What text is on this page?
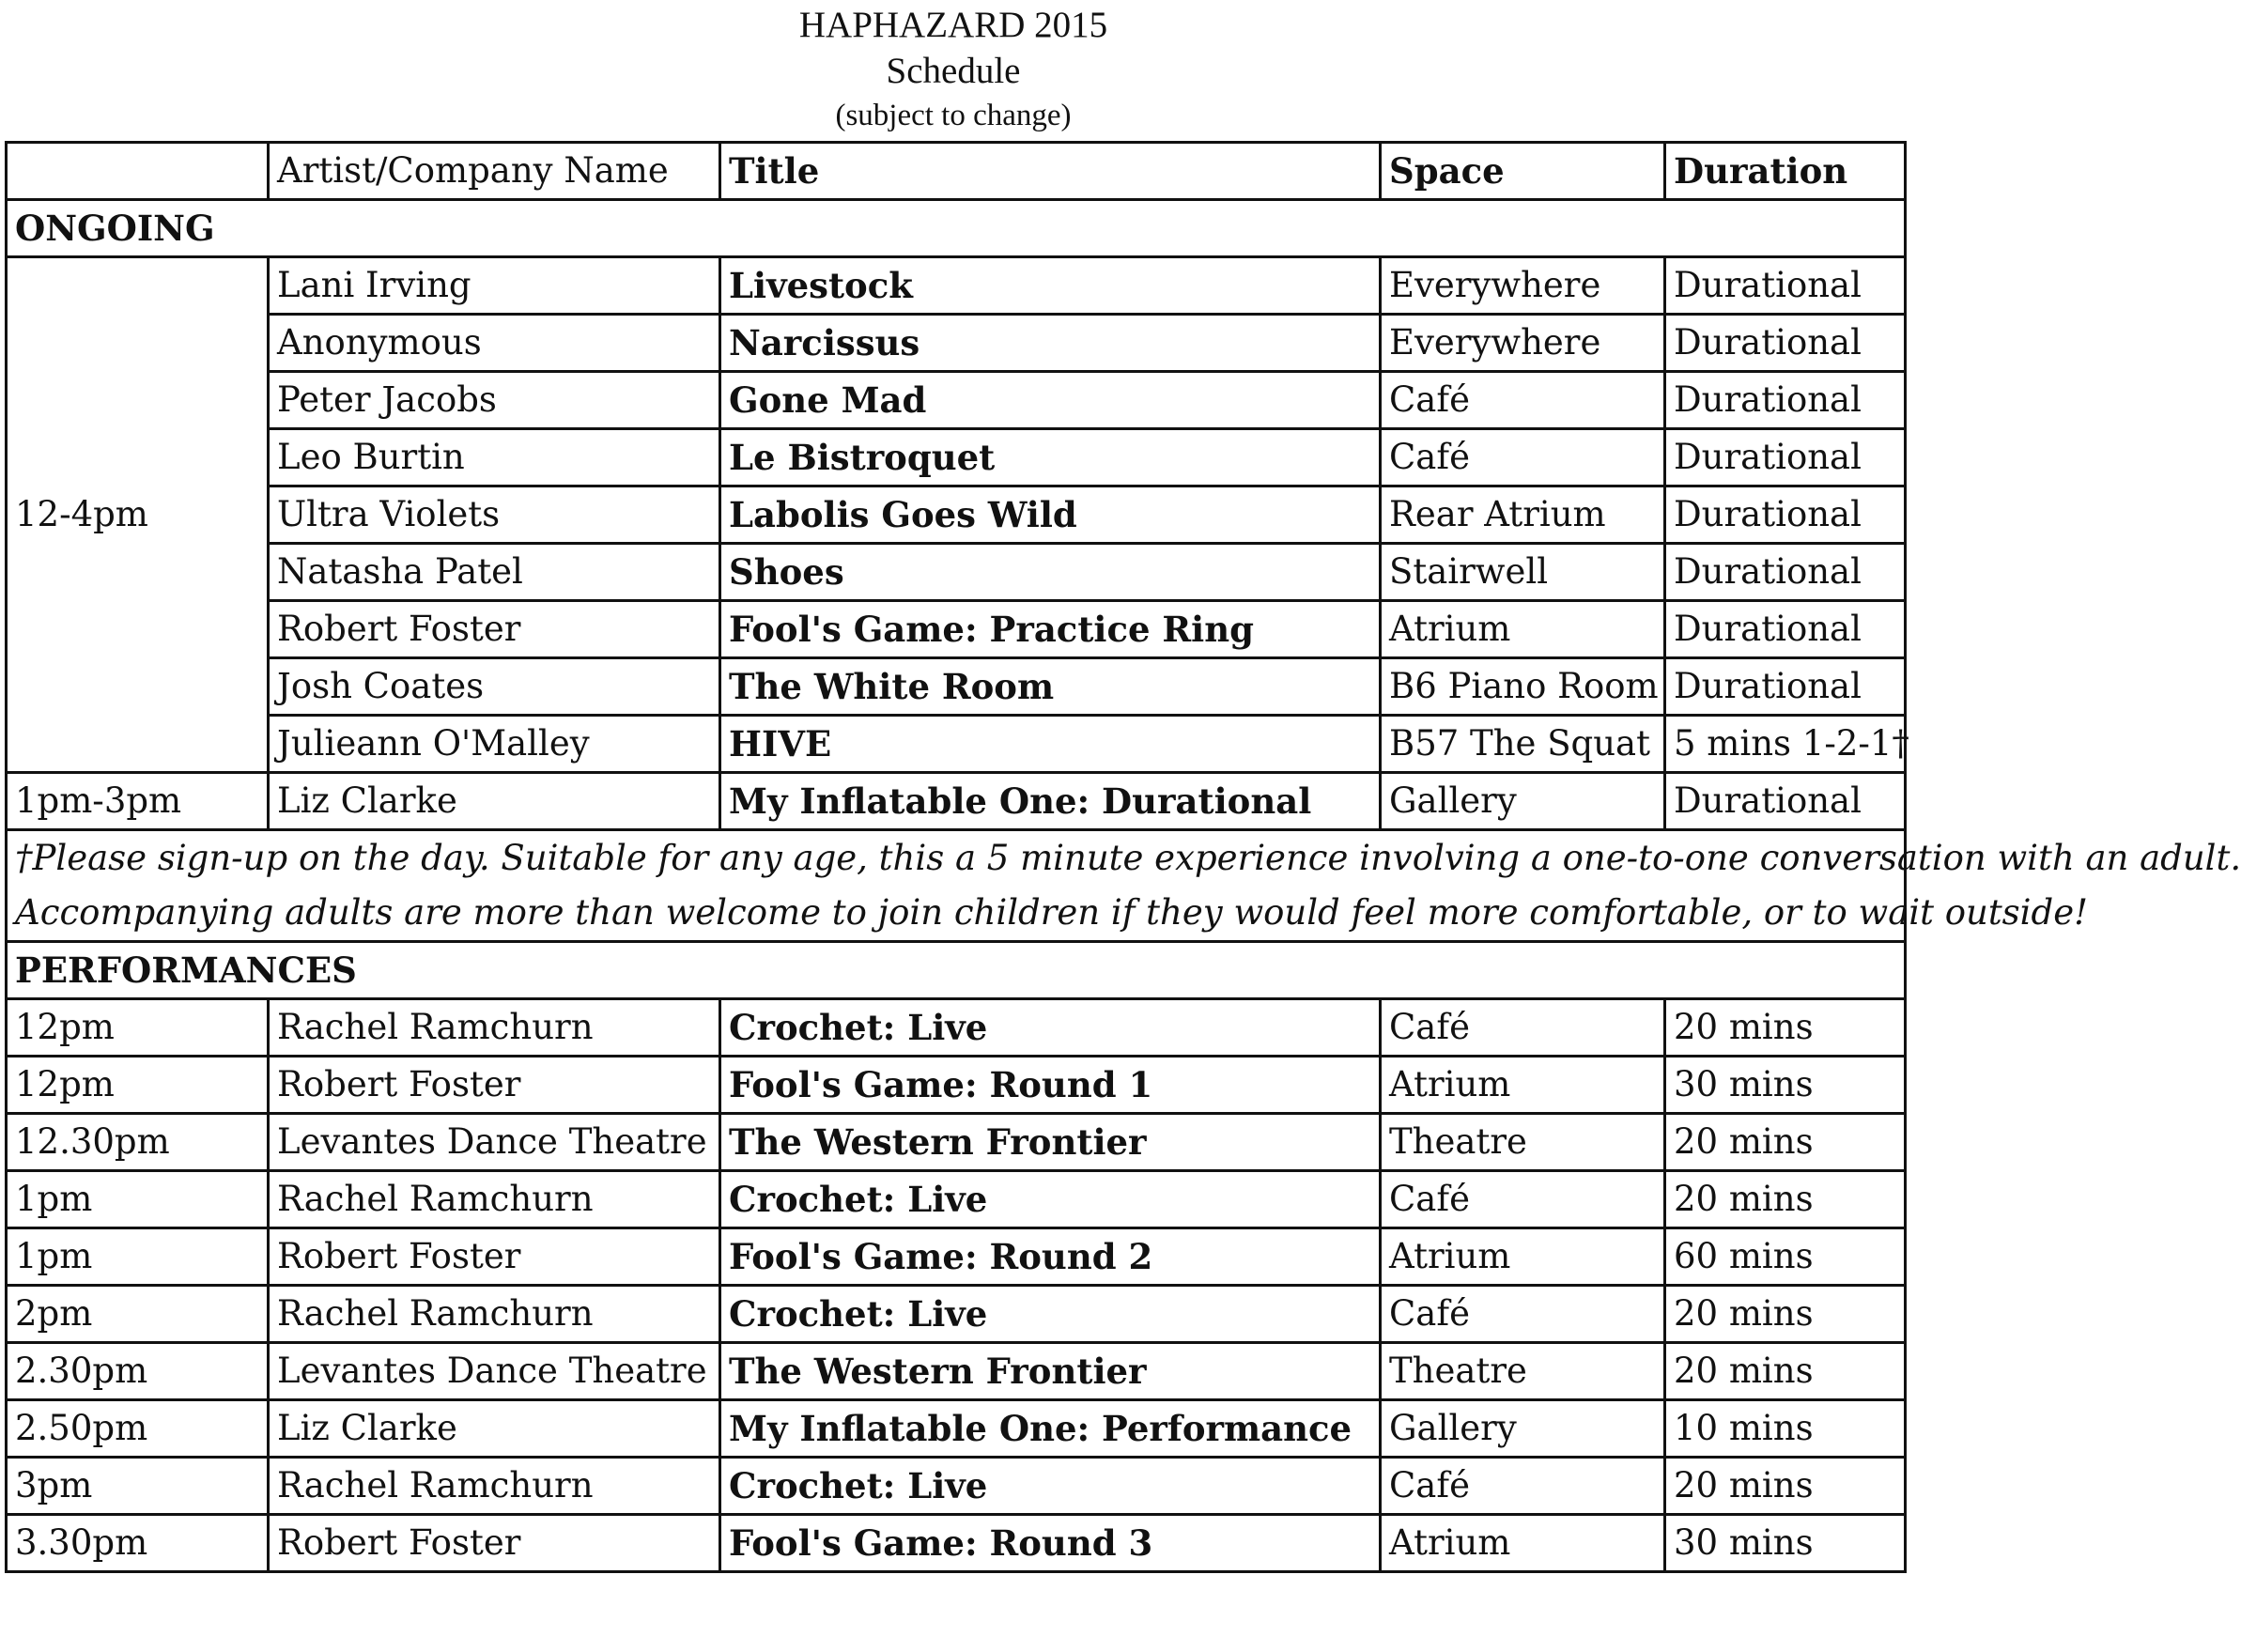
HAPHAZARD 2015
Schedule
(subject to change)
	Artist/Company Name	Title	Space	Duration
ONGOING				
12-4pm	Lani Irving	Livestock	Everywhere	Durational
	Anonymous	Narcissus	Everywhere	Durational
	Peter Jacobs	Gone Mad	Café	Durational
	Leo Burtin	Le Bistroquet	Café	Durational
	Ultra Violets	Labolis Goes Wild	Rear Atrium	Durational
	Natasha Patel	Shoes	Stairwell	Durational
	Robert Foster	Fool's Game: Practice Ring	Atrium	Durational
	Josh Coates	The White Room	B6 Piano Room	Durational
	Julieann O'Malley	HIVE	B57 The Squat	5 mins 1-2-1†
1pm-3pm	Liz Clarke	My Inflatable One: Durational	Gallery	Durational

†Please sign-up on the day. Suitable for any age, this a 5 minute experience involving a one-to-one conversation with an adult.
Accompanying adults are more than welcome to join children if they would feel more comfortable, or to wait outside!				

PERFORMANCES				
12pm	Rachel Ramchurn	Crochet: Live	Café	20 mins
12pm	Robert Foster	Fool's Game: Round 1	Atrium	30 mins
12.30pm	Levantes Dance Theatre	The Western Frontier	Theatre	20 mins
1pm	Rachel Ramchurn	Crochet: Live	Café	20 mins
1pm	Robert Foster	Fool's Game: Round 2	Atrium	60 mins
2pm	Rachel Ramchurn	Crochet: Live	Café	20 mins
2.30pm	Levantes Dance Theatre	The Western Frontier	Theatre	20 mins
2.50pm	Liz Clarke	My Inflatable One: Performance	Gallery	10 mins
3pm	Rachel Ramchurn	Crochet: Live	Café	20 mins
3.30pm	Robert Foster	Fool's Game: Round 3	Atrium	30 mins
